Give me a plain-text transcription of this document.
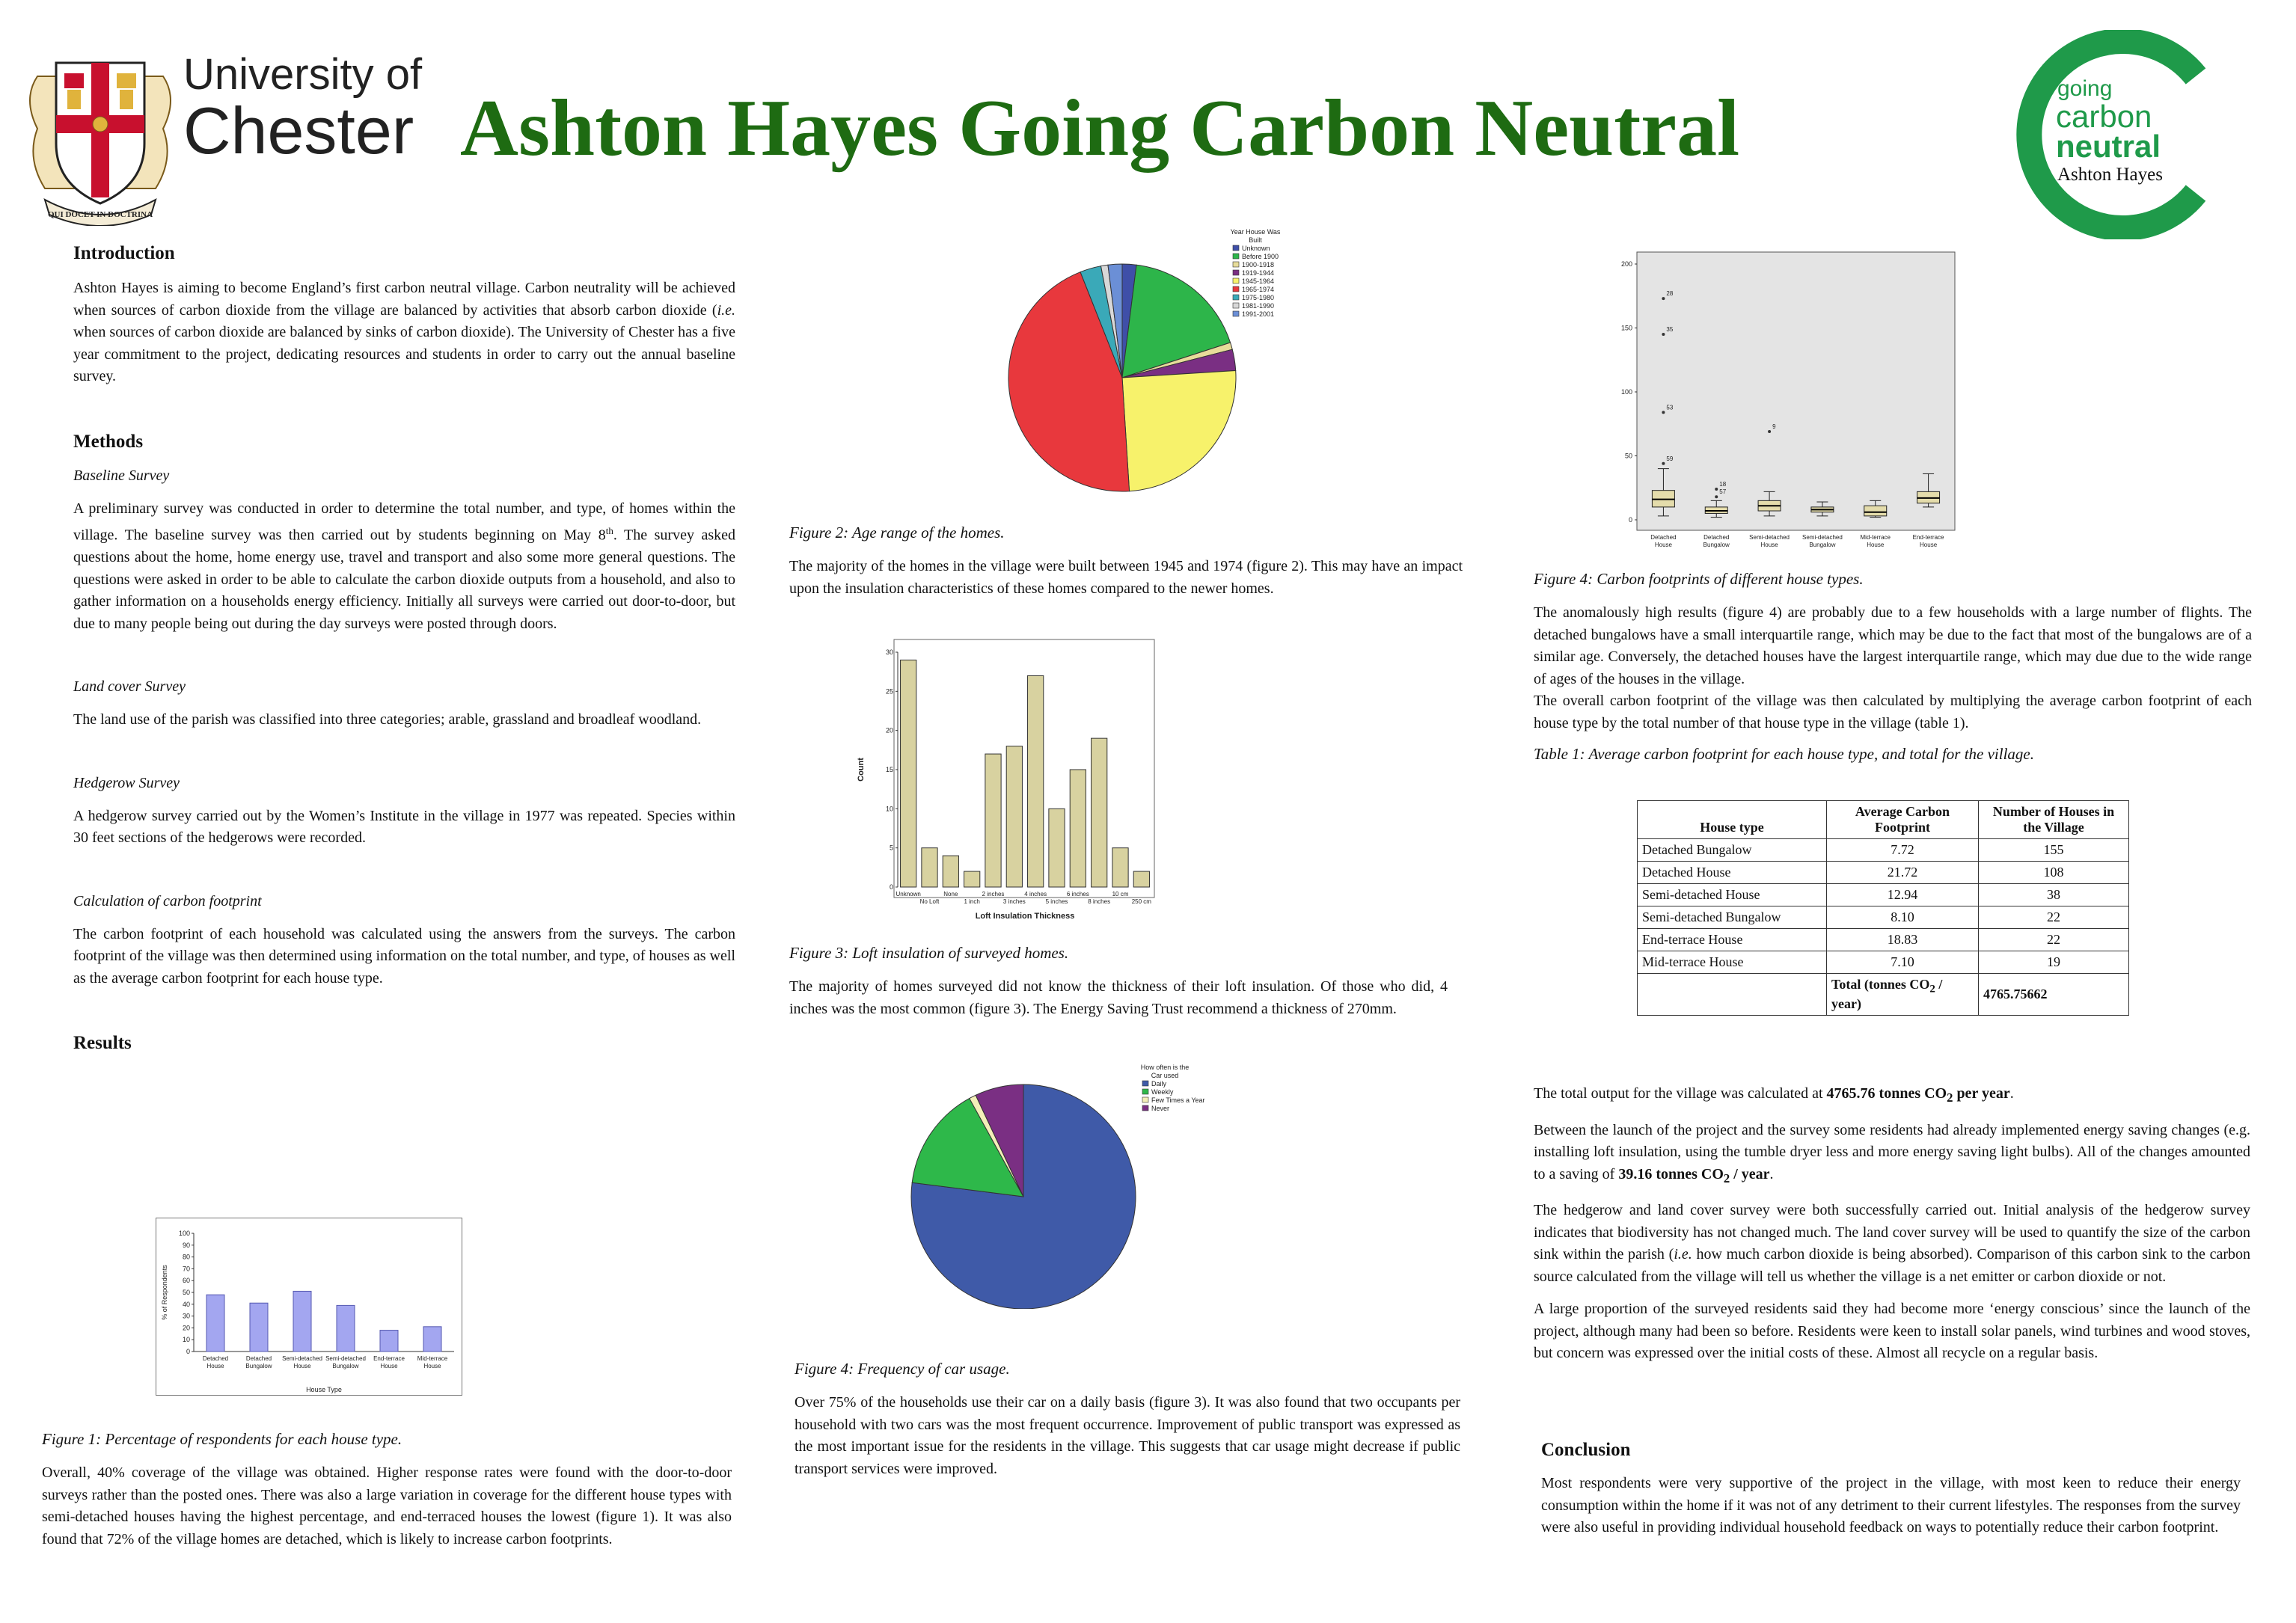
QUI DOCET IN DOCTRINA
University of
Chester Ashton Hayes Going Carbon Neutral	going
carbon
neutral
Ashton Hayes
Introduction

Ashton Hayes is aiming to become England’s first carbon neutral village. Carbon neutrality will be achieved when sources of carbon dioxide from the village are balanced by activities that absorb carbon dioxide (i.e. when sources of carbon dioxide are balanced by sinks of carbon dioxide). The University of Chester has a five year commitment to the project, dedicating resources and students in order to carry out the annual baseline survey.

Methods

Baseline Survey

A preliminary survey was conducted in order to determine the total number, and type, of homes within the village. The baseline survey was then carried out by students beginning on May 8th. The survey asked questions about the home, home energy use, travel and transport and also some more general questions. The questions were asked in order to be able to calculate the carbon dioxide outputs from a household, and also to gather information on a households energy efficiency. Initially all surveys were carried out door-to-door, but due to many people being out during the day surveys were posted through doors.

Land cover Survey

The land use of the parish was classified into three categories; arable, grassland and broadleaf woodland.

Hedgerow Survey

A hedgerow survey carried out by the Women’s Institute in the village in 1977 was repeated. Species within 30 feet sections of the hedgerows were recorded.

Calculation of carbon footprint

The carbon footprint of each household was calculated using the answers from the surveys. The carbon footprint of the village was then determined using information on the total number, and type, of houses as well as the average carbon footprint for each house type.

Results
0
10
20
30
40
50
60
70
80
90
100
Detached
House
Detached
Bungalow
Semi-detached
House
Semi-detached
Bungalow
End-terrace
House
Mid-terrace
House
House Type
% of Respondents

Figure 1: Percentage of respondents for each house type.

Overall, 40% coverage of the village was obtained. Higher response rates were found with the door-to-door surveys rather than the posted ones. There was also a large variation in coverage for the different house types with semi-detached houses having the highest percentage, and end-terraced houses the lowest (figure 1). It was also found that 72% of the village homes are detached, which is likely to increase carbon footprints.

Year House Was
Built
Unknown
Before 1900
1900-1918
1919-1944
1945-1964
1965-1974
1975-1980
1981-1990
1991-2001

Figure 2: Age range of the homes.

The majority of the homes in the village were built between 1945 and 1974 (figure 2). This may have an impact upon the insulation characteristics of these homes compared to the newer homes.

0
5
10
15
20
25
30
Unknown	None	2 inches	4 inches	6 inches	10 cm
No Loft	1 inch	3 inches	5 inches	8 inches	250 cm
Loft Insulation Thickness
Count

Figure 3: Loft insulation of surveyed homes.

The majority of homes surveyed did not know the thickness of their loft insulation. Of those who did, 4 inches was the most common (figure 3). The Energy Saving Trust recommend a thickness of 270mm.

How often is the
Car used
Daily
Weekly
Few Times a Year
Never

Figure 4: Frequency of car usage.

Over 75% of the households use their car on a daily basis (figure 3). It was also found that two occupants per household with two cars was the most frequent occurrence. Improvement of public transport was expressed as the most important issue for the residents in the village. This suggests that car usage might decrease if public transport services were improved.

0
50
100
150
200
28
35
53
59
Detached
House
57
18
Detached
Bungalow
9
Semi-detached
House
Semi-detached
Bungalow
Mid-terrace
House
End-terrace
House

Figure 4: Carbon footprints of different house types.

The anomalously high results (figure 4) are probably due to a few households with a large number of flights. The detached bungalows have a small interquartile range, which may be due to the fact that most of the bungalows are of a similar age. Conversely, the detached houses have the largest interquartile range, which may due due to the wide range of ages of the houses in the village.

The overall carbon footprint of the village was then calculated by multiplying the average carbon footprint of each house type by the total number of that house type in the village (table 1).

Table 1: Average carbon footprint for each house type, and total for the village.

House type	Average Carbon Footprint	Number of Houses in the Village
Detached Bungalow	7.72	155
Detached House	21.72	108
Semi-detached House	12.94	38
Semi-detached Bungalow	8.10	22
End-terrace House	18.83	22
Mid-terrace House	7.10	19
	Total (tonnes $CO_2$ / year)	4765.75662

The total output for the village was calculated at 4765.76 tonnes $CO_2$ per year.

Between the launch of the project and the survey some residents had already implemented energy saving changes (e.g. installing loft insulation, using the tumble dryer less and more energy saving light bulbs). All of the changes amounted to a saving of 39.16 tonnes $CO_2$ / year.

The hedgerow and land cover survey were both successfully carried out. Initial analysis of the hedgerow survey indicates that biodiversity has not changed much. The land cover survey will be used to quantify the size of the carbon sink within the parish (i.e. how much carbon dioxide is being absorbed). Comparison of this carbon sink to the carbon source calculated from the village will tell us whether the village is a net emitter or carbon dioxide or not.

A large proportion of the surveyed residents said they had become more ‘energy conscious’ since the launch of the project, although many had been so before. Residents were keen to install solar panels, wind turbines and wood stoves, but concern was expressed over the initial costs of these. Almost all recycle on a regular basis.

Conclusion

Most respondents were very supportive of the project in the village, with most keen to reduce their energy consumption within the home if it was not of any detriment to their current lifestyles. The responses from the survey were also useful in providing individual household feedback on ways to potentially reduce their carbon footprint.
